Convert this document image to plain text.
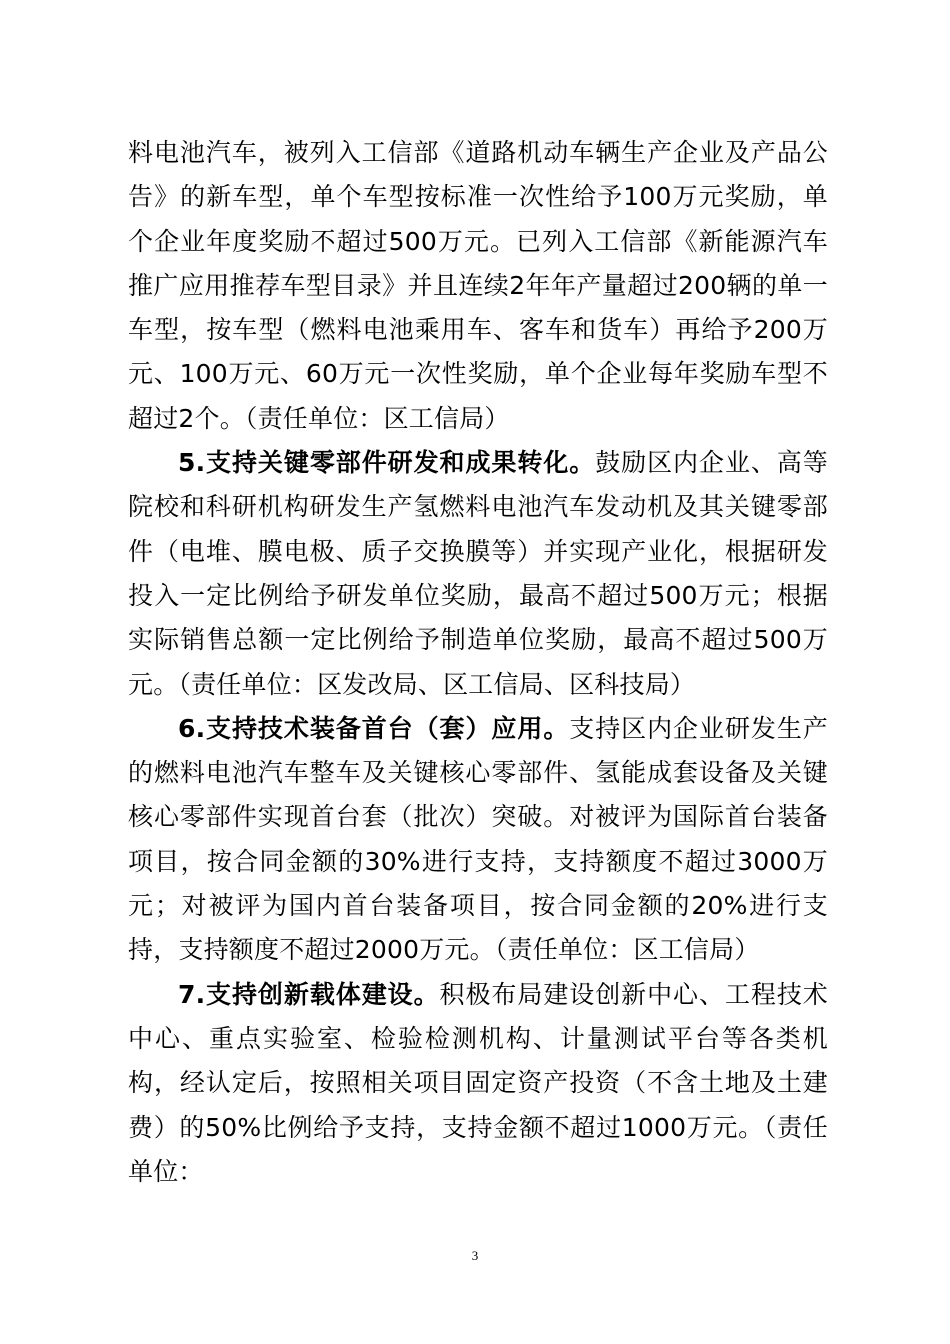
料电池汽车，被列入工信部《道路机动车辆生产企业及产品公告》的新车型，单个车型按标准一次性给予100万元奖励，单个企业年度奖励不超过500万元。已列入工信部《新能源汽车推广应用推荐车型目录》并且连续2年年产量超过200辆的单一车型，按车型（燃料电池乘用车、客车和货车）再给予200万元、100万元、60万元一次性奖励，单个企业每年奖励车型不超过2个。（责任单位：区工信局）

5.支持关键零部件研发和成果转化。鼓励区内企业、高等院校和科研机构研发生产氢燃料电池汽车发动机及其关键零部件（电堆、膜电极、质子交换膜等）并实现产业化，根据研发投入一定比例给予研发单位奖励，最高不超过500万元；根据实际销售总额一定比例给予制造单位奖励，最高不超过500万元。（责任单位：区发改局、区工信局、区科技局）

6.支持技术装备首台（套）应用。支持区内企业研发生产的燃料电池汽车整车及关键核心零部件、氢能成套设备及关键核心零部件实现首台套（批次）突破。对被评为国际首台装备项目，按合同金额的30%进行支持，支持额度不超过3000万元；对被评为国内首台装备项目，按合同金额的20%进行支持，支持额度不超过2000万元。（责任单位：区工信局）

7.支持创新载体建设。积极布局建设创新中心、工程技术中心、重点实验室、检验检测机构、计量测试平台等各类机构，经认定后，按照相关项目固定资产投资（不含土地及土建费）的50%比例给予支持，支持金额不超过1000万元。（责任单位：

3
